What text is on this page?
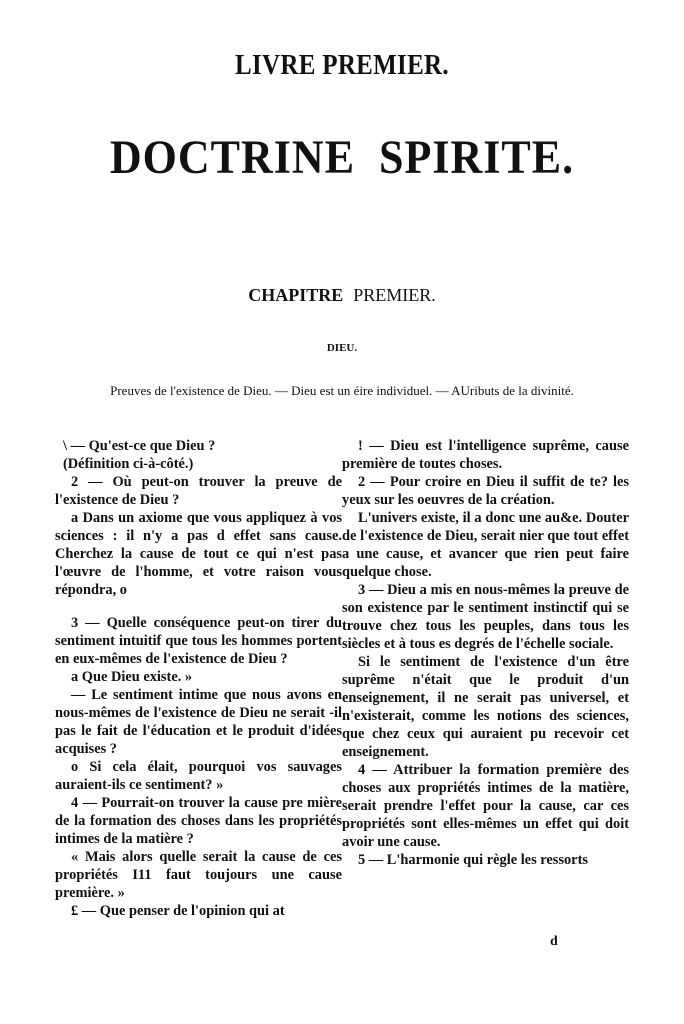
LIVRE PREMIER.
DOCTRINE SPIRITE.
CHAPITRE PREMIER.
DIEU.
Preuves de l'existence de Dieu. — Dieu est un éire individuel. — AUributs de la divinité.

\ — Qu'est-ce que Dieu ?

(Définition ci-à-côté.)

2 — Où peut-on trouver la preuve de l'existence de Dieu ?

a Dans un axiome que vous appliquez à vos sciences : il n'y a pas d effet sans cause. Cherchez la cause de tout ce qui n'est pas l'œuvre de l'homme, et votre raison vous répondra, o

3 — Quelle conséquence peut-on tirer du sentiment intuitif que tous les hommes portent en eux-mêmes de l'existence de Dieu ?

a Que Dieu existe. »

— Le sentiment intime que nous avons en nous-mêmes de l'existence de Dieu ne serait -il pas le fait de l'éducation et le produit d'idées acquises ?

o Si cela élait, pourquoi vos sauvages auraient-ils ce sentiment? »

4 — Pourrait-on trouver la cause pre mière de la formation des choses dans les propriétés intimes de la matière ?

« Mais alors quelle serait la cause de ces propriétés I11 faut toujours une cause première. »

£ — Que penser de l'opinion qui at

! — Dieu est l'intelligence suprême, cause première de toutes choses.

2 — Pour croire en Dieu il suffit de te? les yeux sur les oeuvres de la création.

L'univers existe, il a donc une au&e. Douter de l'existence de Dieu, serait nier que tout effet a une cause, et avancer que rien peut faire quelque chose.

3 — Dieu a mis en nous-mêmes la preuve de son existence par le sentiment instinctif qui se trouve chez tous les peuples, dans tous les siècles et à tous es degrés de l'échelle sociale.

Si le sentiment de l'existence d'un être suprême n'était que le produit d'un enseignement, il ne serait pas universel, et n'existerait, comme les notions des sciences, que chez ceux qui auraient pu recevoir cet enseignement.

4 — Attribuer la formation première des choses aux propriétés intimes de la matière, serait prendre l'effet pour la cause, car ces propriétés sont elles-mêmes un effet qui doit avoir une cause.

5 — L'harmonie qui règle les ressorts

d
